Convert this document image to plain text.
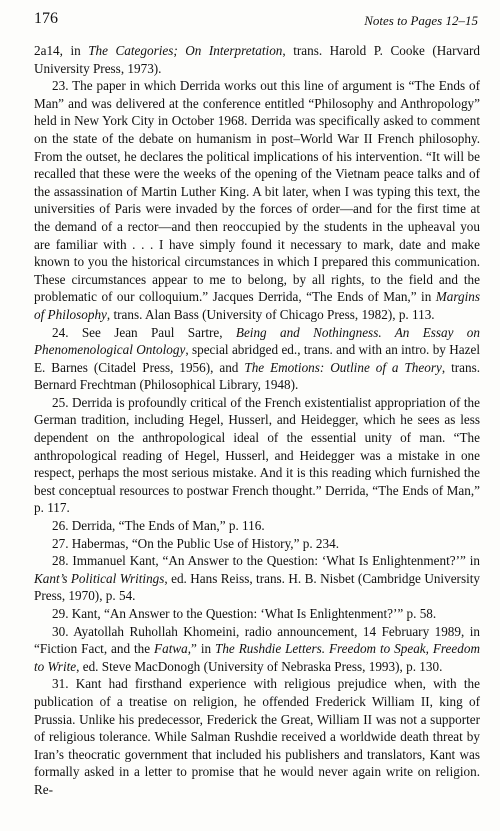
176	Notes to Pages 12–15

2a14, in The Categories; On Interpretation, trans. Harold P. Cooke (Harvard University Press, 1973).

23. The paper in which Derrida works out this line of argument is “The Ends of Man” and was delivered at the conference entitled “Philosophy and Anthropology” held in New York City in October 1968. Derrida was specifically asked to comment on the state of the debate on humanism in post–World War II French philosophy. From the outset, he declares the political implications of his intervention. “It will be recalled that these were the weeks of the opening of the Vietnam peace talks and of the assassination of Martin Luther King. A bit later, when I was typing this text, the universities of Paris were invaded by the forces of order—and for the first time at the demand of a rector—and then reoccupied by the students in the upheaval you are familiar with . . . I have simply found it necessary to mark, date and make known to you the historical circumstances in which I prepared this communication. These circumstances appear to me to belong, by all rights, to the field and the problematic of our colloquium.” Jacques Derrida, “The Ends of Man,” in Margins of Philosophy, trans. Alan Bass (University of Chicago Press, 1982), p. 113.

24. See Jean Paul Sartre, Being and Nothingness. An Essay on Phenomenological Ontology, special abridged ed., trans. and with an intro. by Hazel E. Barnes (Citadel Press, 1956), and The Emotions: Outline of a Theory, trans. Bernard Frechtman (Philosophical Library, 1948).

25. Derrida is profoundly critical of the French existentialist appropriation of the German tradition, including Hegel, Husserl, and Heidegger, which he sees as less dependent on the anthropological ideal of the essential unity of man. “The anthropological reading of Hegel, Husserl, and Heidegger was a mistake in one respect, perhaps the most serious mistake. And it is this reading which furnished the best conceptual resources to postwar French thought.” Derrida, “The Ends of Man,” p. 117.

26. Derrida, “The Ends of Man,” p. 116.

27. Habermas, “On the Public Use of History,” p. 234.

28. Immanuel Kant, “An Answer to the Question: ‘What Is Enlightenment?’” in Kant’s Political Writings, ed. Hans Reiss, trans. H. B. Nisbet (Cambridge University Press, 1970), p. 54.

29. Kant, “An Answer to the Question: ‘What Is Enlightenment?’” p. 58.

30. Ayatollah Ruhollah Khomeini, radio announcement, 14 February 1989, in “Fiction Fact, and the Fatwa,” in The Rushdie Letters. Freedom to Speak, Freedom to Write, ed. Steve MacDonogh (University of Nebraska Press, 1993), p. 130.

31. Kant had firsthand experience with religious prejudice when, with the publication of a treatise on religion, he offended Frederick William II, king of Prussia. Unlike his predecessor, Frederick the Great, William II was not a supporter of religious tolerance. While Salman Rushdie received a worldwide death threat by Iran’s theocratic government that included his publishers and translators, Kant was formally asked in a letter to promise that he would never again write on religion. Re-
